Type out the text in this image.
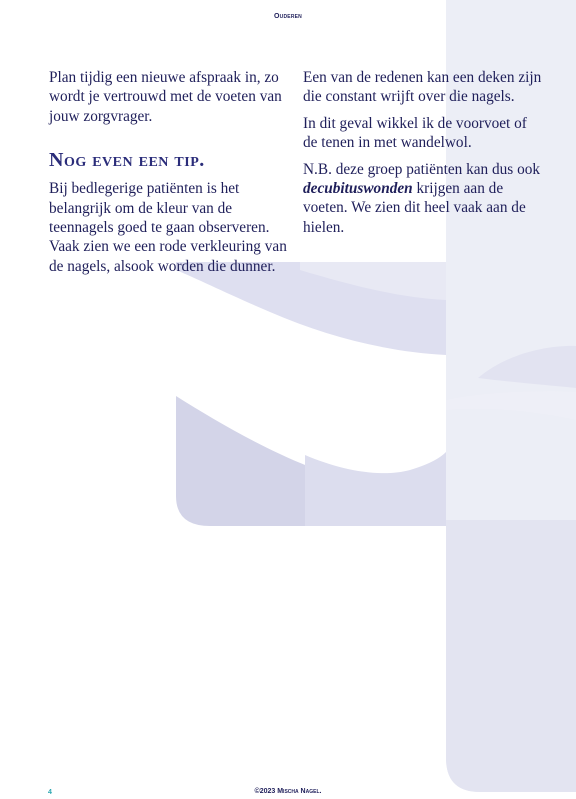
Ouderen

Plan tijdig een nieuwe afspraak in, zo wordt je vertrouwd met de voeten van jouw zorgvrager.

Nog even een tip.

Bij bedlegerige patiënten is het belangrijk om de kleur van de teennagels goed te gaan observeren. Vaak zien we een rode verkleuring van de nagels, alsook worden die dunner.

Een van de redenen kan een deken zijn die constant wrijft over die nagels.

In dit geval wikkel ik de voorvoet of de tenen in met wandelwol.

N.B. deze groep patiënten kan dus ook decubituswonden krijgen aan de voeten. We zien dit heel vaak aan de hielen.

4	©2023 Mischa Nagel.
